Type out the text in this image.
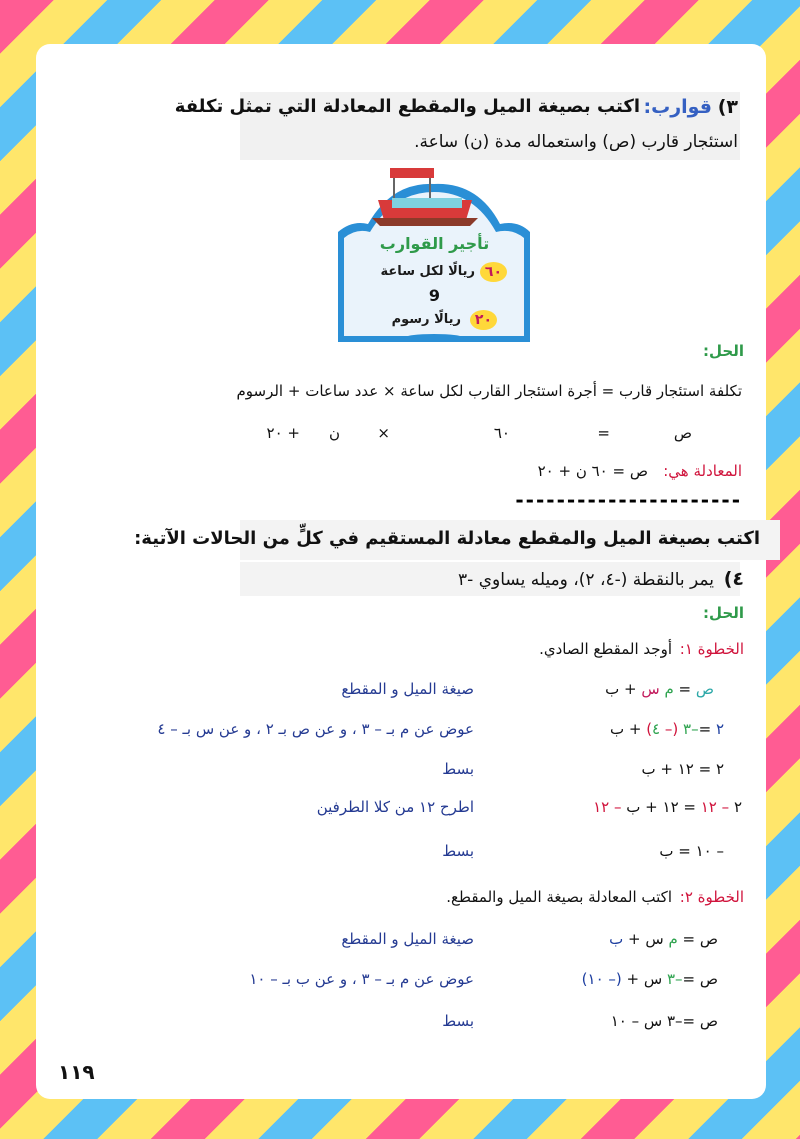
٣)
قوارب:
اكتب بصيغة الميل والمقطع المعادلة التي تمثل تكلفة
استئجار قارب (ص) واستعماله مدة (ن) ساعة.
تأجير القوارب
٦٠
ريالًا لكل ساعة
9
٢٠
ريالًا رسوم
الحل:
تكلفة استئجار قارب = أجرة استئجار القارب لكل ساعة × عدد ساعات + الرسوم
ص
=
٦٠
×
ن
+ ٢٠
المعادلة هي:
ص = ٦٠ ن + ٢٠
----------------------
اكتب بصيغة الميل والمقطع معادلة المستقيم في كلٍّ من الحالات الآتية:
٤)
يمر بالنقطة (-٤، ٢)، وميله يساوي -٣
الحل:
الخطوة ١:
أوجد المقطع الصادي.
ص = م س + ب
صيغة الميل و المقطع
٢ =–٣ (– ٤) + ب
عوض عن م بـ – ٣ ، و عن ص بـ ٢ ، و عن س بـ – ٤
٢ = ١٢ + ب
بسط
٢ – ١٢ = ١٢ + ب – ١٢
اطرح ١٢ من كلا الطرفين
– ١٠ = ب
بسط
الخطوة ٢:
اكتب المعادلة بصيغة الميل والمقطع.
ص = م س + ب
صيغة الميل و المقطع
ص =–٣ س + (– ١٠)
عوض عن م بـ – ٣ ، و عن ب بـ – ١٠
ص =–٣ س – ١٠
بسط
١١٩
